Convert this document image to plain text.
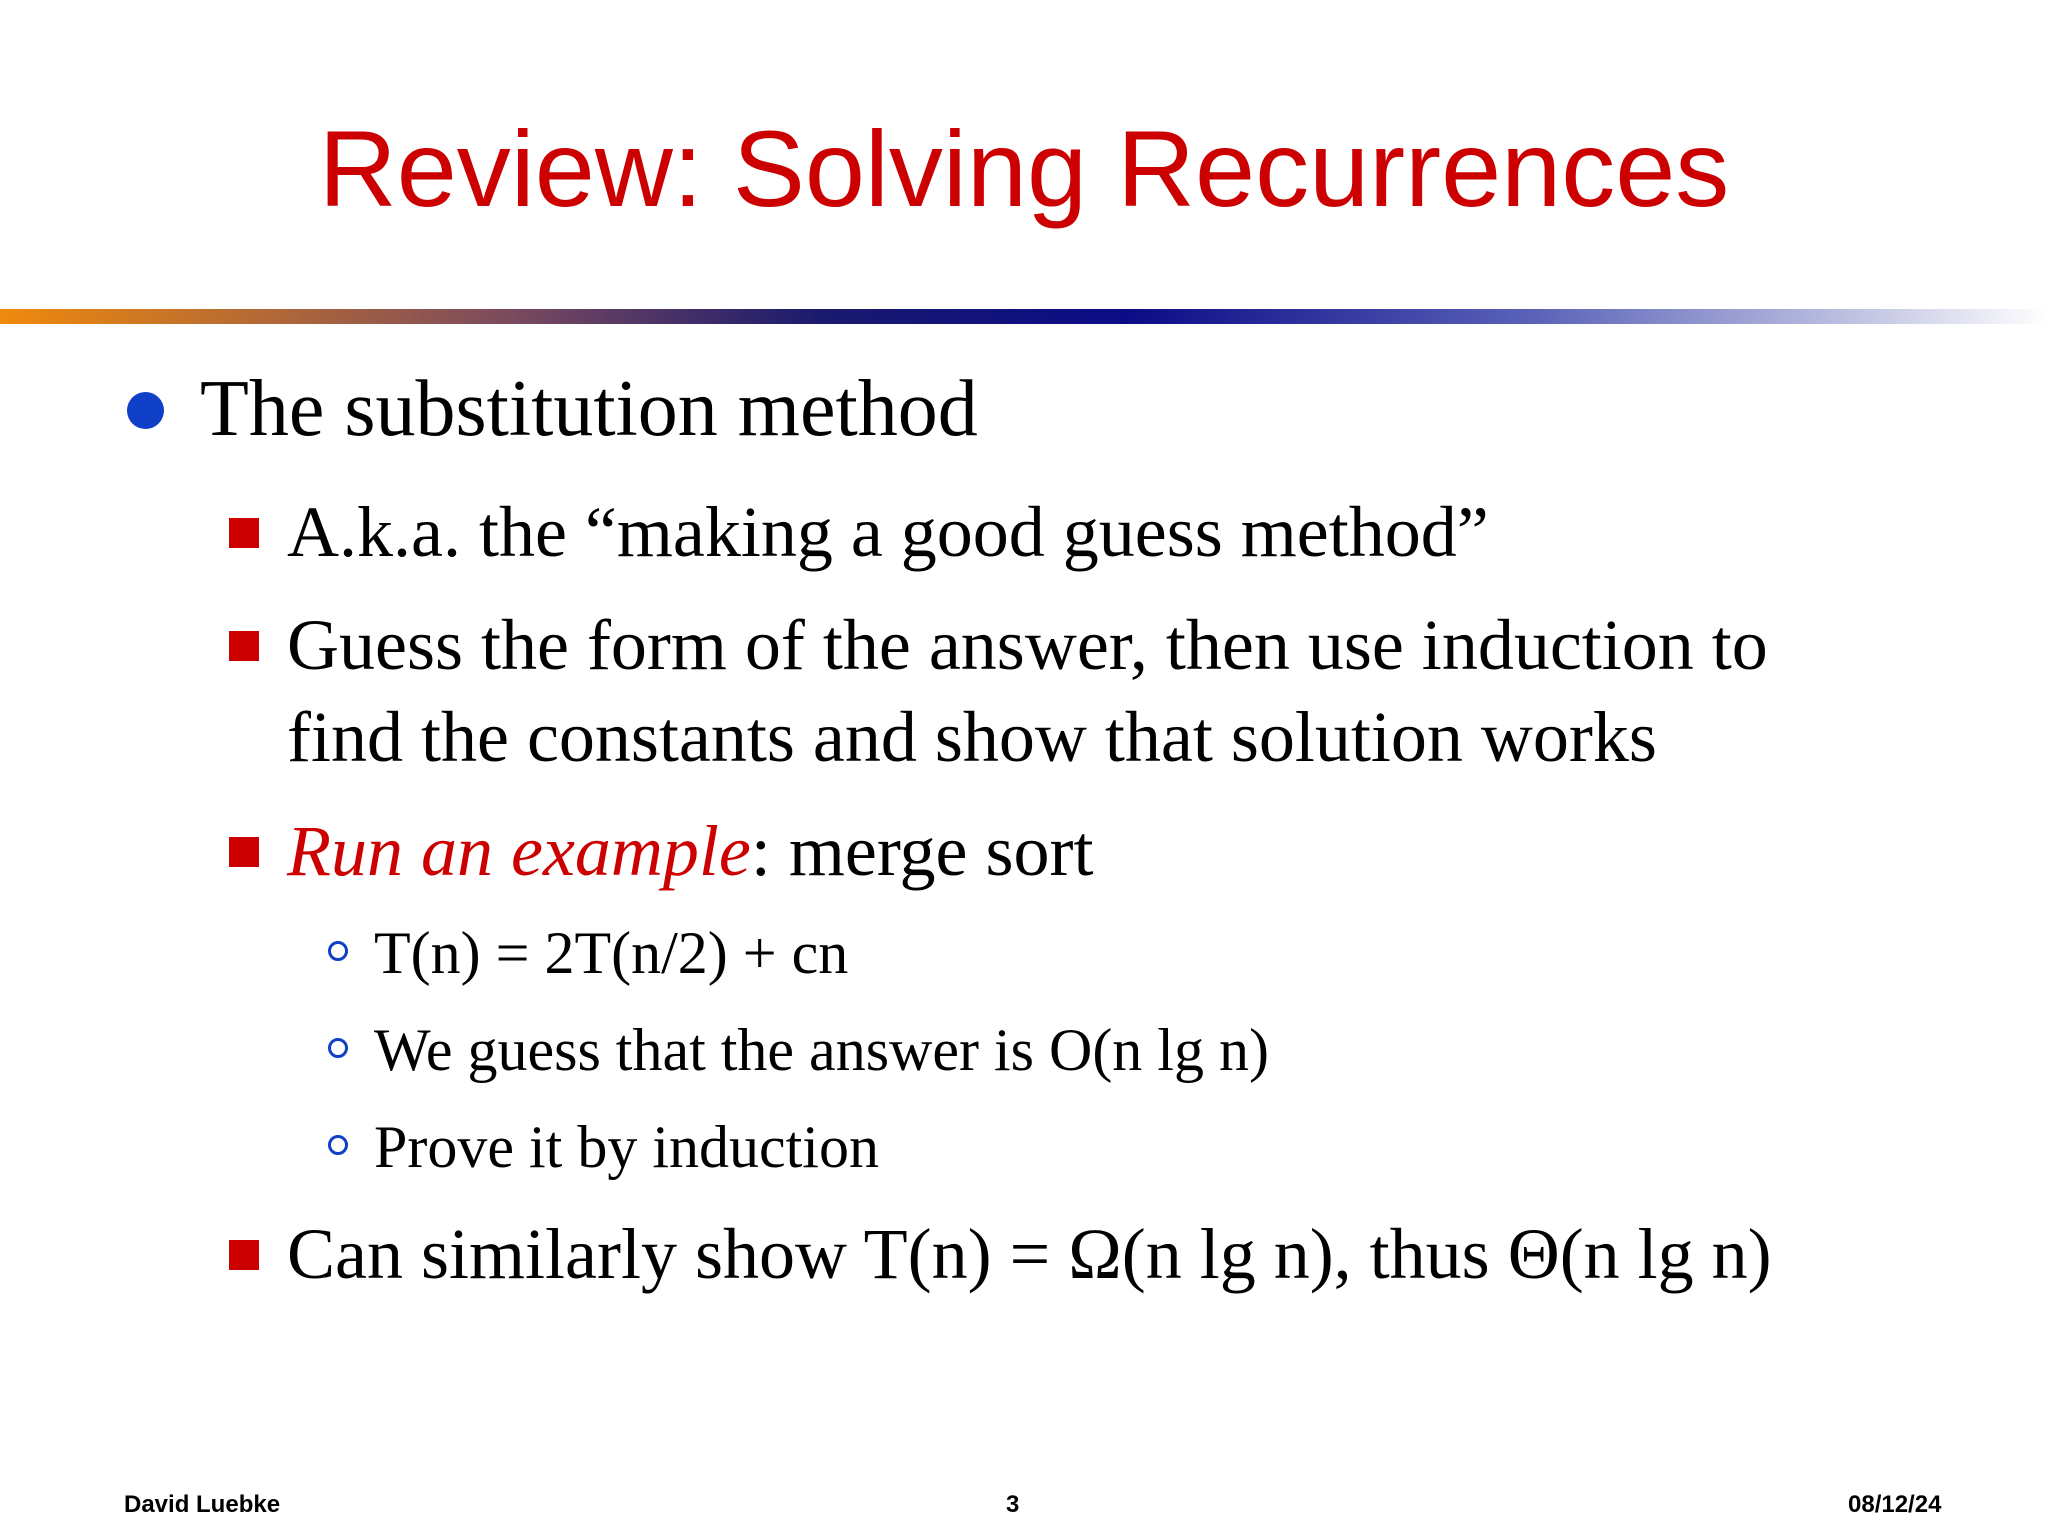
Review: Solving Recurrences
The substitution method
A.k.a. the “making a good guess method”
Guess the form of the answer, then use induction to
find the constants and show that solution works
Run an example: merge sort
T(n) = 2T(n/2) + cn
We guess that the answer is O(n lg n)
Prove it by induction
Can similarly show T(n) = Ω(n lg n), thus Θ(n lg n)
David Luebke	3	08/12/24
